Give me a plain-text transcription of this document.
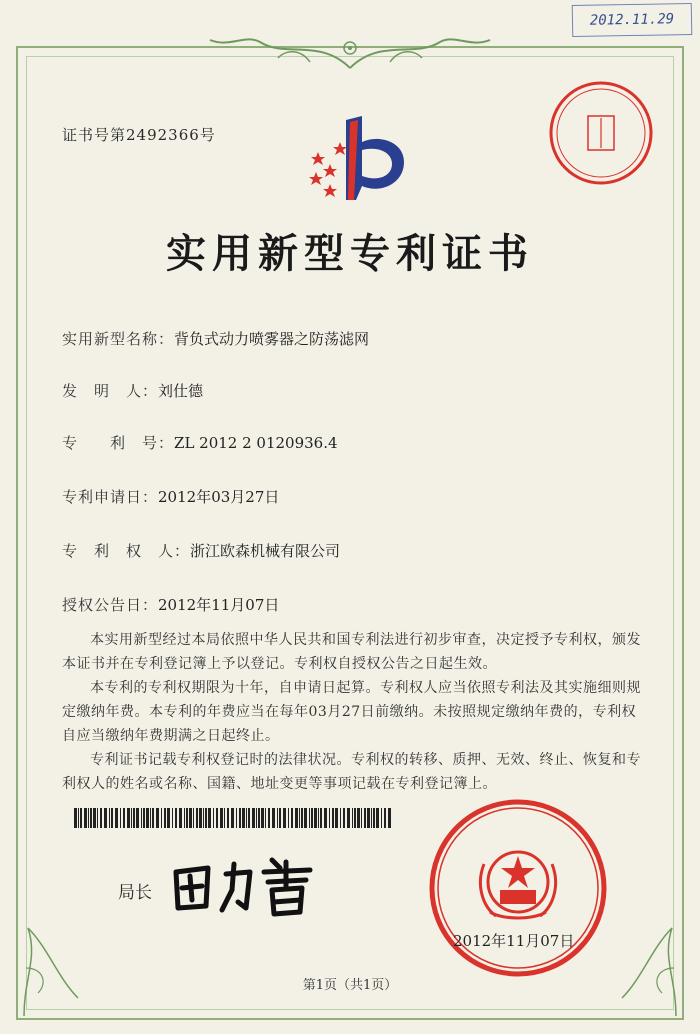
2012.11.29
证书号第2492366号
实用新型专利证书
实用新型名称：背负式动力喷雾器之防荡滤网
发　明　人：刘仕德
专　　利　号：ZL 2012 2 0120936.4
专利申请日：2012年03月27日
专　利　权　人：浙江欧森机械有限公司
授权公告日：2012年11月07日

本实用新型经过本局依照中华人民共和国专利法进行初步审查，决定授予专利权，颁发本证书并在专利登记簿上予以登记。专利权自授权公告之日起生效。

本专利的专利权期限为十年，自申请日起算。专利权人应当依照专利法及其实施细则规定缴纳年费。本专利的年费应当在每年03月27日前缴纳。未按照规定缴纳年费的，专利权自应当缴纳年费期满之日起终止。

专利证书记载专利权登记时的法律状况。专利权的转移、质押、无效、终止、恢复和专利权人的姓名或名称、国籍、地址变更等事项记载在专利登记簿上。

局长
2012年11月07日
第1页（共1页）
